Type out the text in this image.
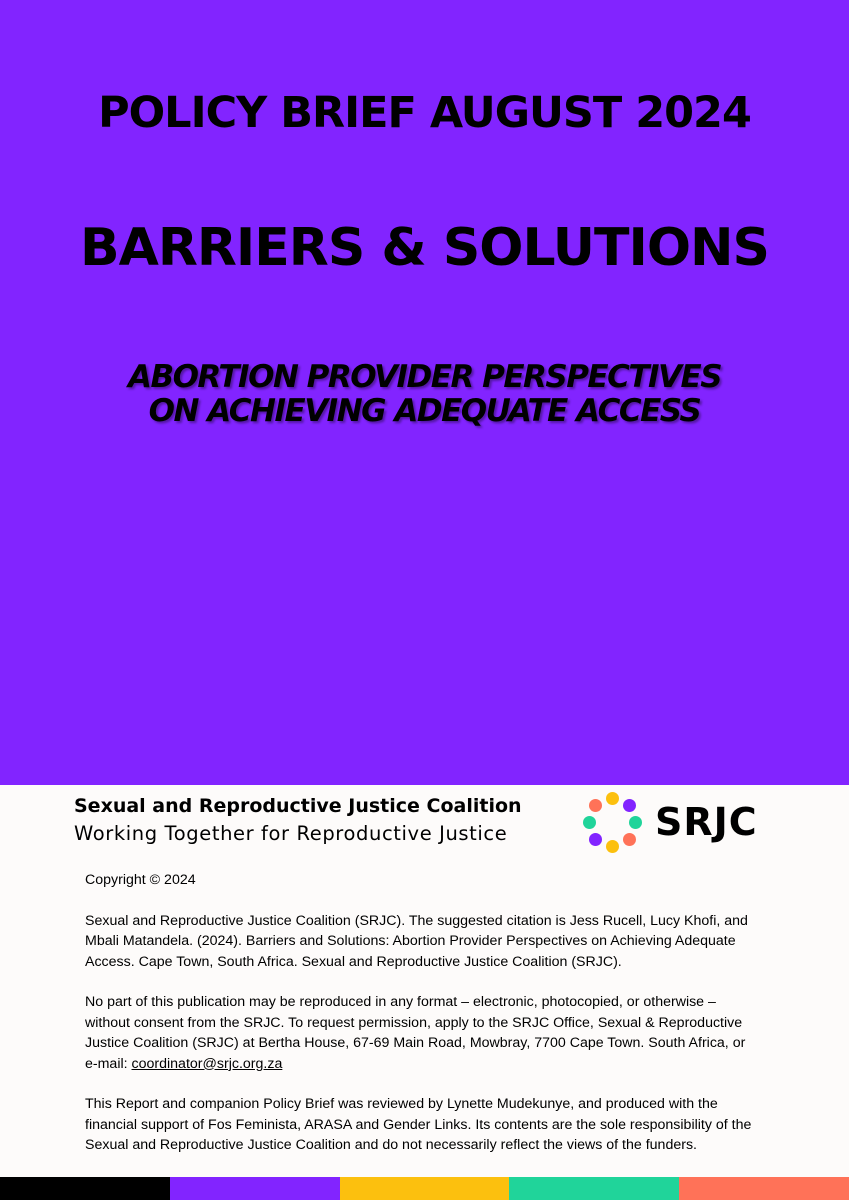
POLICY BRIEF AUGUST 2024
BARRIERS & SOLUTIONS
ABORTION PROVIDER PERSPECTIVES
ON ACHIEVING ADEQUATE ACCESS
Sexual and Reproductive Justice Coalition
Working Together for Reproductive Justice	SRJC

Copyright © 2024

Sexual and Reproductive Justice Coalition (SRJC). The suggested citation is Jess Rucell, Lucy Khofi, and
Mbali Matandela. (2024). Barriers and Solutions: Abortion Provider Perspectives on Achieving Adequate
Access. Cape Town, South Africa. Sexual and Reproductive Justice Coalition (SRJC).

No part of this publication may be reproduced in any format – electronic, photocopied, or otherwise –
without consent from the SRJC. To request permission, apply to the SRJC Office, Sexual & Reproductive
Justice Coalition (SRJC) at Bertha House, 67-69 Main Road, Mowbray, 7700 Cape Town. South Africa, or
e-mail: coordinator@srjc.org.za

This Report and companion Policy Brief was reviewed by Lynette Mudekunye, and produced with the
financial support of Fos Feminista, ARASA and Gender Links. Its contents are the sole responsibility of the
Sexual and Reproductive Justice Coalition and do not necessarily reflect the views of the funders.
